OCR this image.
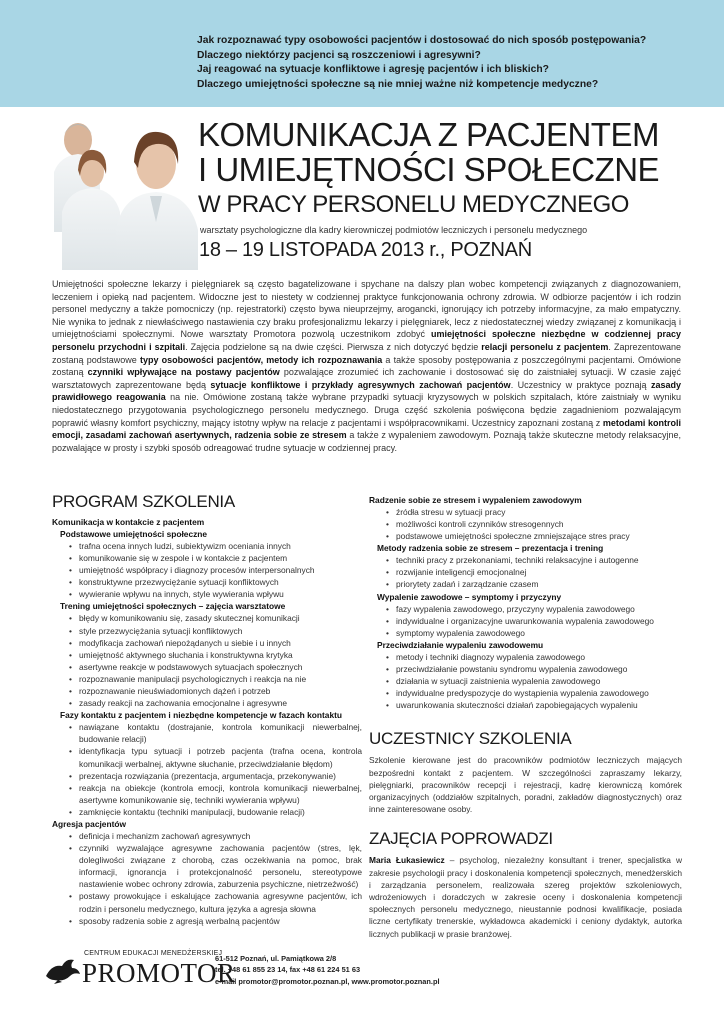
Jak rozpoznawać typy osobowości pacjentów i dostosować do nich sposób postępowania?
Dlaczego niektórzy pacjenci są roszczeniowi i agresywni?
Jaj reagować na sytuacje konfliktowe i agresję pacjentów i ich bliskich?
Dlaczego umiejętności społeczne są nie mniej ważne niż kompetencje medyczne?
KOMUNIKACJA Z PACJENTEM
I UMIEJĘTNOŚCI SPOŁECZNE
W PRACY PERSONELU MEDYCZNEGO
warsztaty psychologiczne dla kadry kierowniczej podmiotów leczniczych i personelu medycznego
18 – 19 LISTOPADA 2013 r., POZNAŃ
Umiejętności społeczne lekarzy i pielęgniarek są często bagatelizowane i spychane na dalszy plan wobec kompetencji związanych z diagnozowaniem, leczeniem i opieką nad pacjentem. Widoczne jest to niestety w codziennej praktyce funkcjonowania ochrony zdrowia. W odbiorze pacjentów i ich rodzin personel medyczny a także pomocniczy (np. rejestratorki) często bywa nieuprzejmy, arogancki, ignorujący ich potrzeby informacyjne, za mało empatyczny. Nie wynika to jednak z niewłaściwego nastawienia czy braku profesjonalizmu lekarzy i pielęgniarek, lecz z niedostatecznej wiedzy związanej z komunikacją i umiejętnościami społecznymi. Nowe warsztaty Promotora pozwolą uczestnikom zdobyć umiejętności społeczne niezbędne w codziennej pracy personelu przychodni i szpitali. Zajęcia podzielone są na dwie części. Pierwsza z nich dotyczyć będzie relacji personelu z pacjentem. Zaprezentowane zostaną podstawowe typy osobowości pacjentów, metody ich rozpoznawania a także sposoby postępowania z poszczególnymi pacjentami. Omówione zostaną czynniki wpływające na postawy pacjentów pozwalające zrozumieć ich zachowanie i dostosować się do zaistniałej sytuacji. W czasie zajęć warsztatowych zaprezentowane będą sytuacje konfliktowe i przykłady agresywnych zachowań pacjentów. Uczestnicy w praktyce poznają zasady prawidłowego reagowania na nie. Omówione zostaną także wybrane przypadki sytuacji kryzysowych w polskich szpitalach, które zaistniały w wyniku niedostatecznego przygotowania psychologicznego personelu medycznego. Druga część szkolenia poświęcona będzie zagadnieniom pozwalającym poprawić własny komfort psychiczny, mający istotny wpływ na relacje z pacjentami i współpracownikami. Uczestnicy zapoznani zostaną z metodami kontroli emocji, zasadami zachowań asertywnych, radzenia sobie ze stresem a także z wypaleniem zawodowym. Poznają także skuteczne metody relaksacyjne, pozwalające w prosty i szybki sposób odreagować trudne sytuacje w codziennej pracy.
PROGRAM SZKOLENIA
Komunikacja w kontakcie z pacjentem
Podstawowe umiejętności społeczne
• trafna ocena innych ludzi, subiektywizm oceniania innych
• komunikowanie się w zespole i w kontakcie z pacjentem
• umiejętność współpracy i diagnozy procesów interpersonalnych
• konstruktywne przezwyciężanie sytuacji konfliktowych
• wywieranie wpływu na innych, style wywierania wpływu
Trening umiejętności społecznych – zajęcia warsztatowe
• błędy w komunikowaniu się, zasady skutecznej komunikacji
• style przezwyciężania sytuacji konfliktowych
• modyfikacja zachowań niepożądanych u siebie i u innych
• umiejętność aktywnego słuchania i konstruktywna krytyka
• asertywne reakcje w podstawowych sytuacjach społecznych
• rozpoznawanie manipulacji psychologicznych i reakcja na nie
• rozpoznawanie nieuświadomionych dążeń i potrzeb
• zasady reakcji na zachowania emocjonalne i agresywne
Fazy kontaktu z pacjentem i niezbędne kompetencje w fazach kontaktu
• nawiązane kontaktu (dostrajanie, kontrola komunikacji niewerbalnej, budowanie relacji)
• identyfikacja typu sytuacji i potrzeb pacjenta (trafna ocena, kontrola komunikacji werbalnej, aktywne słuchanie, przeciwdziałanie błędom)
• prezentacja rozwiązania (prezentacja, argumentacja, przekonywanie)
• reakcja na obiekcje (kontrola emocji, kontrola komunikacji niewerbalnej, asertywne komunikowanie się, techniki wywierania wpływu)
• zamknięcie kontaktu (techniki manipulacji, budowanie relacji)
Agresja pacjentów
• definicja i mechanizm zachowań agresywnych
• czynniki wyzwalające agresywne zachowania pacjentów (stres, lęk, dolegliwości związane z chorobą, czas oczekiwania na pomoc, brak informacji, ignorancja i protekcjonalność personelu, stereotypowe nastawienie wobec ochrony zdrowia, zaburzenia psychiczne, nietrzeźwość)
• postawy prowokujące i eskalujące zachowania agresywne pacjentów, ich rodzin i personelu medycznego, kultura języka a agresja słowna
• sposoby radzenia sobie z agresją werbalną pacjentów
Radzenie sobie ze stresem i wypaleniem zawodowym
• źródła stresu w sytuacji pracy
• możliwości kontroli czynników stresogennych
• podstawowe umiejętności społeczne zmniejszające stres pracy
Metody radzenia sobie ze stresem – prezentacja i trening
• techniki pracy z przekonaniami, techniki relaksacyjne i autogenne
• rozwijanie inteligencji emocjonalnej
• priorytety zadań i zarządzanie czasem
Wypalenie zawodowe – symptomy i przyczyny
• fazy wypalenia zawodowego, przyczyny wypalenia zawodowego
• indywidualne i organizacyjne uwarunkowania wypalenia zawodowego
• symptomy wypalenia zawodowego
Przeciwdziałanie wypaleniu zawodowemu
• metody i techniki diagnozy wypalenia zawodowego
• przeciwdziałanie powstaniu syndromu wypalenia zawodowego
• działania w sytuacji zaistnienia wypalenia zawodowego
• indywidualne predyspozycje do wystąpienia wypalenia zawodowego
• uwarunkowania skuteczności działań zapobiegających wypaleniu
UCZESTNICY SZKOLENIA
Szkolenie kierowane jest do pracowników podmiotów leczniczych mających bezpośredni kontakt z pacjentem. W szczególności zapraszamy lekarzy, pielęgniarki, pracowników recepcji i rejestracji, kadrę kierowniczą komórek organizacyjnych (oddziałów szpitalnych, poradni, zakładów diagnostycznych) oraz inne zainteresowane osoby.
ZAJĘCIA POPROWADZI
Maria Łukasiewicz – psycholog, niezależny konsultant i trener, specjalistka w zakresie psychologii pracy i doskonalenia kompetencji społecznych, menedżerskich i zarządzania personelem, realizowała szereg projektów szkoleniowych, wdrożeniowych i doradczych w zakresie oceny i doskonalenia kompetencji społecznych personelu medycznego, nieustannie podnosi kwalifikacje, posiada liczne certyfikaty trenerskie, wykładowca akademicki i ceniony dydaktyk, autorka licznych publikacji w prasie branżowej.
CENTRUM EDUKACJI MENEDŻERSKIEJ
PROMOTOR
61-512 Poznań, ul. Pamiątkowa 2/8
tel. +48 61 855 23 14, fax +48 61 224 51 63
e-mail promotor@promotor.poznan.pl, www.promotor.poznan.pl
